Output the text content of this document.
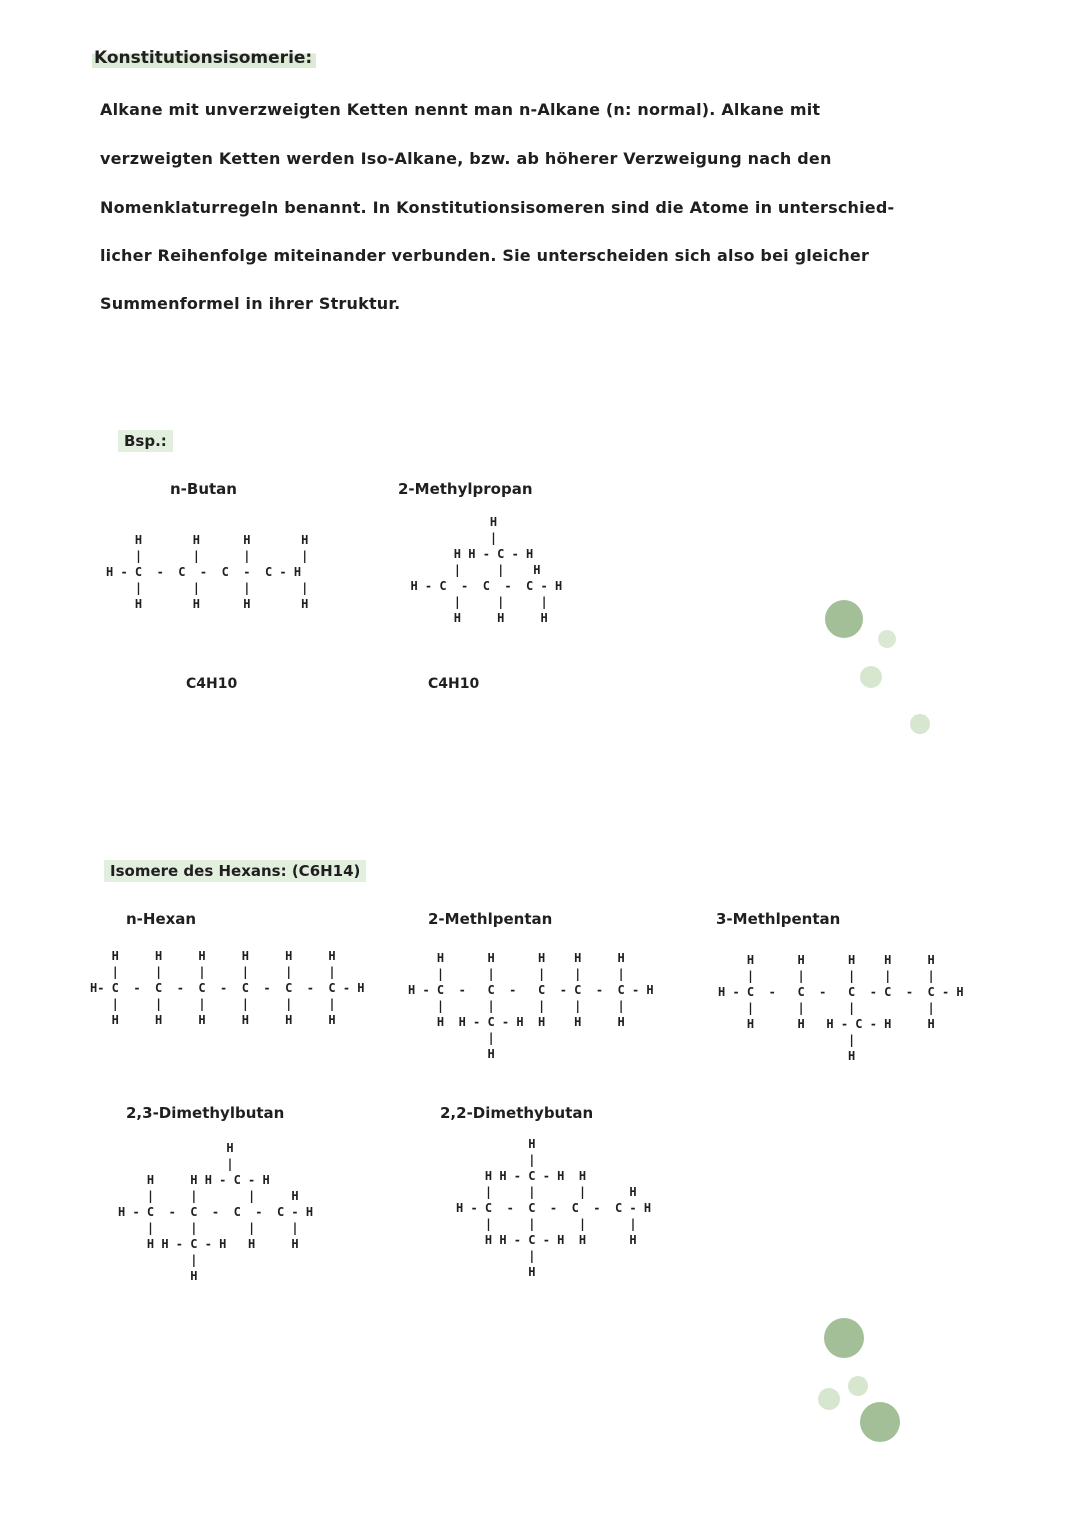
Konstitutionsisomerie:
Alkane mit unverzweigten Ketten nennt man n-Alkane (n: normal). Alkane mit
verzweigten Ketten werden Iso-Alkane, bzw. ab höherer Verzweigung nach den
Nomenklaturregeln benannt. In Konstitutionsisomeren sind die Atome in unterschied-
licher Reihenfolge miteinander verbunden. Sie unterscheiden sich also bei gleicher
Summenformel in ihrer Struktur.
Bsp.:
n-Butan
H       H      H       H
|       |      |       |
H - C  -  C  -  C  -  C - H
|       |      |       |
H       H      H       H
C4H10
2-Methylpropan
H
|
H H - C - H
|     |    H
H - C  -  C  -  C - H
|     |     |
H     H     H
C4H10
Isomere des Hexans: (C6H14)
n-Hexan
H     H     H     H     H     H
|     |     |     |     |     |
H- C  -  C  -  C  -  C  -  C  -  C - H
|     |     |     |     |     |
H     H     H     H     H     H
2-Methlpentan
H      H      H    H     H
|      |      |    |     |
H - C  -   C  -   C  - C  -  C - H
|      |      |    |     |
H  H - C - H  H    H     H
|
H
3-Methlpentan
H      H      H    H     H
|      |      |    |     |
H - C  -   C  -   C  - C  -  C - H
|      |      |          |
H      H   H - C - H     H
|
H
2,3-Dimethylbutan
H
|
H     H H - C - H
|     |       |     H
H - C  -  C  -  C  -  C - H
|     |       |     |
H H - C - H   H     H
|
H
2,2-Dimethybutan
H
|
H H - C - H  H
|     |      |      H
H - C  -  C  -  C  -  C - H
|     |      |      |
H H - C - H  H      H
|
H
